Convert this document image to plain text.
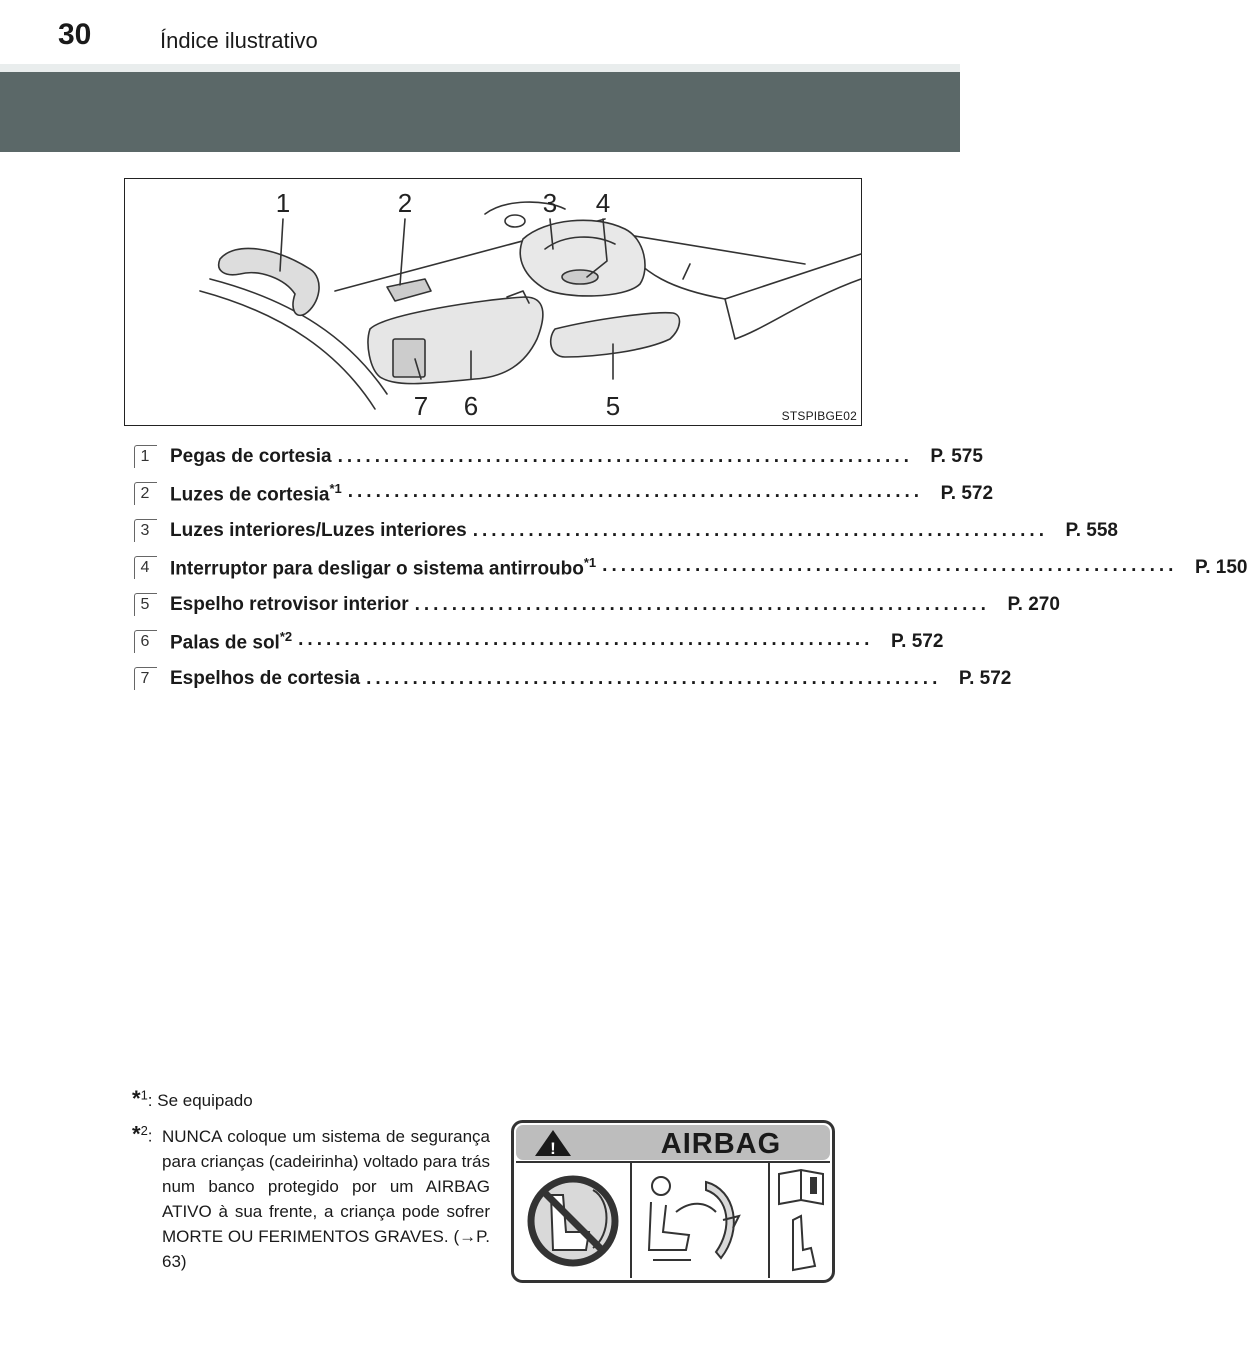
30	Índice ilustrativo
1	2	3 4
5
6
7	STSPIBGE02
1	Pegas de cortesia .............................................................. P. 575
2	Luzes de cortesia$^{*1}$ .............................................................. P. 572
3	Luzes interiores/Luzes interiores .............................................................. P. 558
4	Interruptor para desligar o sistema antirroubo$^{*1}$ .............................................................. P. 150
5	Espelho retrovisor interior .............................................................. P. 270
6	Palas de sol$^{*2}$ .............................................................. P. 572
7	Espelhos de cortesia .............................................................. P. 572
*$^1$: Se equipado
*$^2$: NUNCA coloque um sistema de segurança para crianças (cadeirinha) voltado para trás num banco protegido por um AIRBAG ATIVO à sua frente, a criança pode sofrer MORTE OU FERIMENTOS GRAVES. (→P. 63)
!	AIRBAG
